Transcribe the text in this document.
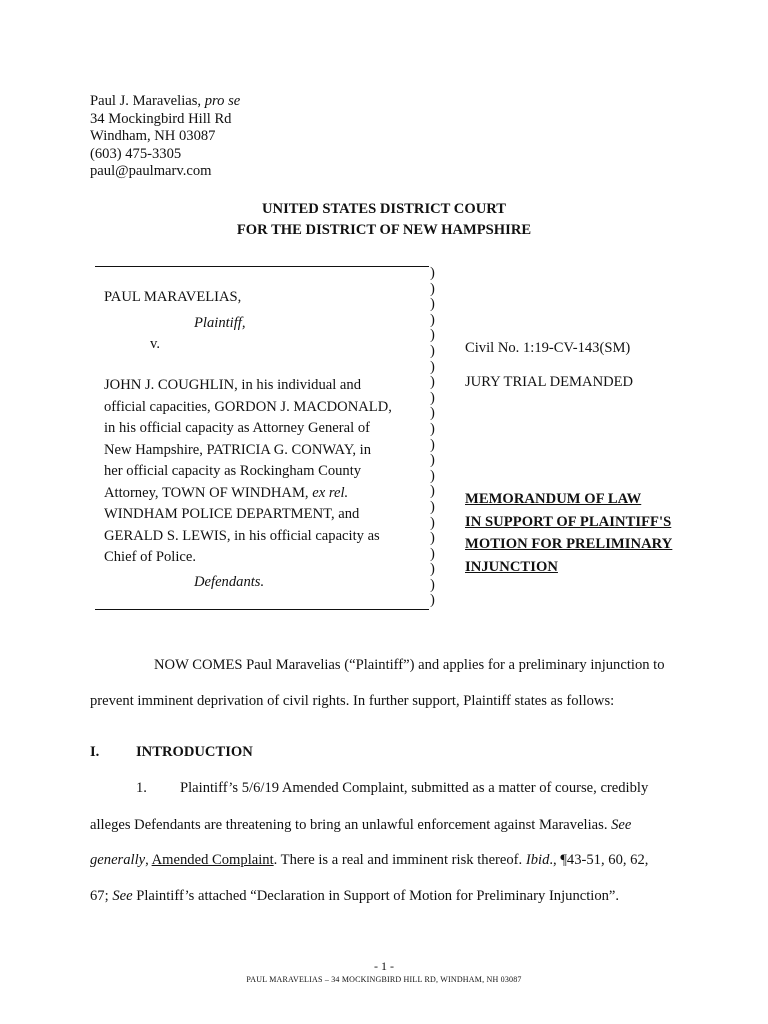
Paul J. Maravelias, pro se
34 Mockingbird Hill Rd
Windham, NH 03087
(603) 475-3305
paul@paulmarv.com
UNITED STATES DISTRICT COURT
FOR THE DISTRICT OF NEW HAMPSHIRE
PAUL MARAVELIAS,
Plaintiff,
v.
JOHN J. COUGHLIN, in his individual and
official capacities, GORDON J. MACDONALD,
in his official capacity as Attorney General of
New Hampshire, PATRICIA G. CONWAY, in
her official capacity as Rockingham County
Attorney, TOWN OF WINDHAM, ex rel.
WINDHAM POLICE DEPARTMENT, and
GERALD S. LEWIS, in his official capacity as
Chief of Police.
Defendants.
)
)
)
)
)
)
)
)
)
)
)
)
)
)
)
)
)
)
)
)
)
)
Civil No. 1:19-CV-143(SM)
JURY TRIAL DEMANDED
MEMORANDUM OF LAW
IN SUPPORT OF PLAINTIFF'S
MOTION FOR PRELIMINARY
INJUNCTION
NOW COMES Paul Maravelias (“Plaintiff”) and applies for a preliminary injunction to
prevent imminent deprivation of civil rights. In further support, Plaintiff states as follows:
I.	INTRODUCTION
1. Plaintiff’s 5/6/19 Amended Complaint, submitted as a matter of course, credibly
alleges Defendants are threatening to bring an unlawful enforcement against Maravelias. See
generally, Amended Complaint. There is a real and imminent risk thereof. Ibid., ¶43-51, 60, 62,
67; See Plaintiff’s attached “Declaration in Support of Motion for Preliminary Injunction”.
- 1 -
PAUL MARAVELIAS – 34 MOCKINGBIRD HILL RD, WINDHAM, NH 03087
